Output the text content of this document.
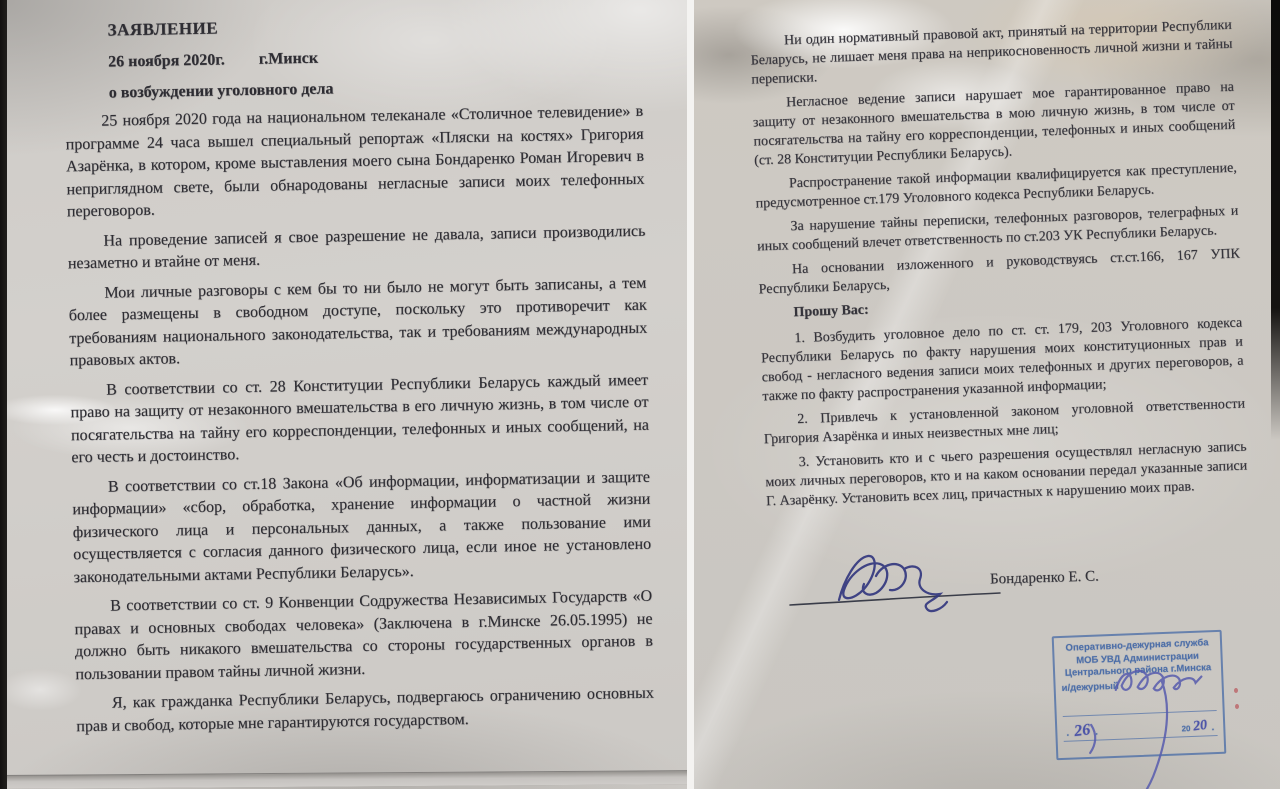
ЗАЯВЛЕНИЕ
26 ноября 2020г. г.Минск
о возбуждении уголовного дела

25 ноября 2020 года на национальном телеканале «Столичное телевидение» в программе 24 часа вышел специальный репортаж «Пляски на костях» Григория Азарёнка, в котором, кроме выставления моего сына Бондаренко Роман Игоревич в неприглядном свете, были обнародованы негласные записи моих телефонных переговоров.

На проведение записей я свое разрешение не давала, записи производились незаметно и втайне от меня.

Мои личные разговоры с кем бы то ни было не могут быть записаны, а тем более размещены в свободном доступе, поскольку это противоречит как требованиям национального законодательства, так и требованиям международных правовых актов.

В соответствии со ст. 28 Конституции Республики Беларусь каждый имеет право на защиту от незаконного вмешательства в его личную жизнь, в том числе от посягательства на тайну его корреспонденции, телефонных и иных сообщений, на его честь и достоинство.

В соответствии со ст.18 Закона «Об информации, информатизации и защите информации» «сбор, обработка, хранение информации о частной жизни физического лица и персональных данных, а также пользование ими осуществляется с согласия данного физического лица, если иное не установлено законодательными актами Республики Беларусь».

В соответствии со ст. 9 Конвенции Содружества Независимых Государств «О правах и основных свободах человека» (Заключена в г.Минске 26.05.1995) не должно быть никакого вмешательства со стороны государственных органов в пользовании правом тайны личной жизни.

Я, как гражданка Республики Беларусь, подвергаюсь ограничению основных прав и свобод, которые мне гарантируются государством.

Ни один нормативный правовой акт, принятый на территории Республики Беларусь, не лишает меня права на неприкосновенность личной жизни и тайны переписки.

Негласное ведение записи нарушает мое гарантированное право на защиту от незаконного вмешательства в мою личную жизнь, в том числе от посягательства на тайну его корреспонденции, телефонных и иных сообщений (ст. 28 Конституции Республики Беларусь).

Распространение такой информации квалифицируется как преступление, предусмотренное ст.179 Уголовного кодекса Республики Беларусь.

За нарушение тайны переписки, телефонных разговоров, телеграфных и иных сообщений влечет ответственность по ст.203 УК Республики Беларусь.

На основании изложенного и руководствуясь ст.ст.166, 167 УПК Республики Беларусь,

Прошу Вас:

1. Возбудить уголовное дело по ст. ст. 179, 203 Уголовного кодекса Республики Беларусь по факту нарушения моих конституционных прав и свобод - негласного ведения записи моих телефонных и других переговоров, а также по факту распространения указанной информации;

2. Привлечь к установленной законом уголовной ответственности Григория Азарёнка и иных неизвестных мне лиц;

3. Установить кто и с чьего разрешения осуществлял негласную запись моих личных переговоров, кто и на каком основании передал указанные записи Г. Азарёнку. Установить всех лиц, причастных к нарушению моих прав.

Бондаренко Е. С.
Оперативно-дежурная служба
МОБ УВД Администрации
Центрального района г.Минска
и/дежурный
. 26 .	20 20 .
